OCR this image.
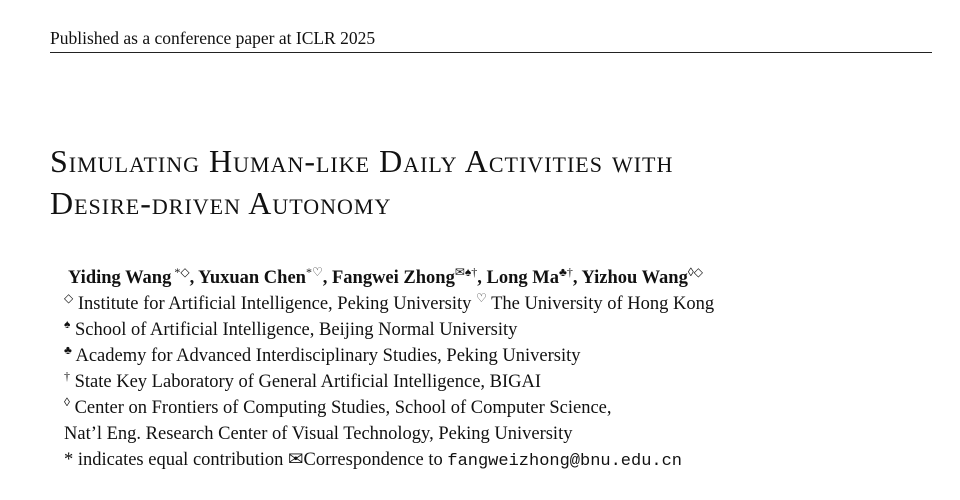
Published as a conference paper at ICLR 2025
Simulating Human-like Daily Activities with
Desire-driven Autonomy
Yiding Wang *◇, Yuxuan Chen*♡, Fangwei Zhong✉♠†, Long Ma♣†, Yizhou Wang◊◇
◇ Institute for Artificial Intelligence, Peking University ♡ The University of Hong Kong
♠ School of Artificial Intelligence, Beijing Normal University
♣ Academy for Advanced Interdisciplinary Studies, Peking University
† State Key Laboratory of General Artificial Intelligence, BIGAI
◊ Center on Frontiers of Computing Studies, School of Computer Science,
Nat’l Eng. Research Center of Visual Technology, Peking University
* indicates equal contribution ✉Correspondence to fangweizhong@bnu.edu.cn
